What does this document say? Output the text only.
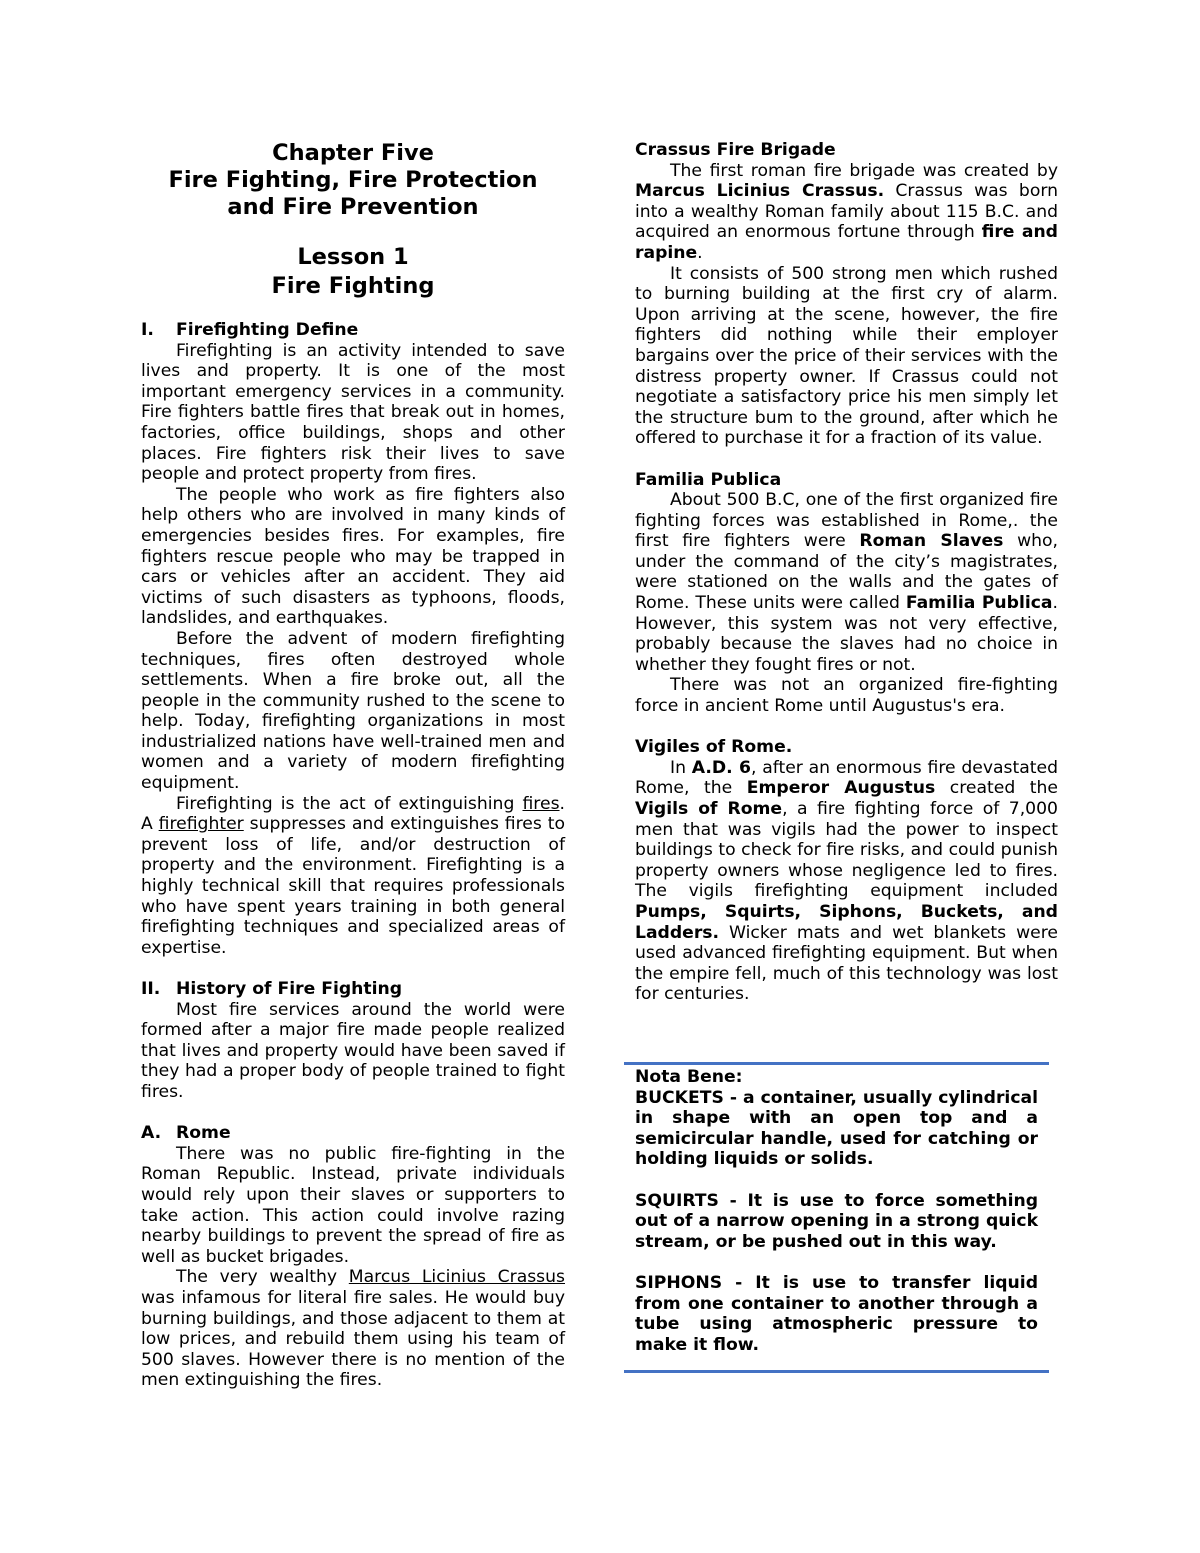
Chapter Five
Fire Fighting, Fire Protection
and Fire Prevention
Lesson 1
Fire Fighting
I. Firefighting Define

Firefighting is an activity intended to save lives and property. It is one of the most important emergency services in a community. Fire fighters battle fires that break out in homes, factories, office buildings, shops and other places. Fire fighters risk their lives to save people and protect property from fires.

The people who work as fire fighters also help others who are involved in many kinds of emergencies besides fires. For examples, fire fighters rescue people who may be trapped in cars or vehicles after an accident. They aid victims of such disasters as typhoons, floods, landslides, and earthquakes.

Before the advent of modern firefighting techniques, fires often destroyed whole settlements. When a fire broke out, all the people in the community rushed to the scene to help. Today, firefighting organizations in most industrialized nations have well-trained men and women and a variety of modern firefighting equipment.

Firefighting is the act of extinguishing fires. A firefighter suppresses and extinguishes fires to prevent loss of life, and/or destruction of property and the environment. Firefighting is a highly technical skill that requires professionals who have spent years training in both general firefighting techniques and specialized areas of expertise.

II. History of Fire Fighting

Most fire services around the world were formed after a major fire made people realized that lives and property would have been saved if they had a proper body of people trained to fight fires.

A. Rome

There was no public fire-fighting in the Roman Republic. Instead, private individuals would rely upon their slaves or supporters to take action. This action could involve razing nearby buildings to prevent the spread of fire as well as bucket brigades.

The very wealthy Marcus Licinius Crassus was infamous for literal fire sales. He would buy burning buildings, and those adjacent to them at low prices, and rebuild them using his team of 500 slaves. However there is no mention of the men extinguishing the fires.

Crassus Fire Brigade

The first roman fire brigade was created by Marcus Licinius Crassus. Crassus was born into a wealthy Roman family about 115 B.C. and acquired an enormous fortune through fire and rapine.

It consists of 500 strong men which rushed to burning building at the first cry of alarm. Upon arriving at the scene, however, the fire fighters did nothing while their employer bargains over the price of their services with the distress property owner. If Crassus could not negotiate a satisfactory price his men simply let the structure bum to the ground, after which he offered to purchase it for a fraction of its value.

Familia Publica

About 500 B.C, one of the first organized fire fighting forces was established in Rome,. the first fire fighters were Roman Slaves who, under the command of the city’s magistrates, were stationed on the walls and the gates of Rome. These units were called Familia Publica. However, this system was not very effective, probably because the slaves had no choice in whether they fought fires or not.

There was not an organized fire-fighting force in ancient Rome until Augustus's era.

Vigiles of Rome.

In A.D. 6, after an enormous fire devastated Rome, the Emperor Augustus created the Vigils of Rome, a fire fighting force of 7,000 men that was vigils had the power to inspect buildings to check for fire risks, and could punish property owners whose negligence led to fires. The vigils firefighting equipment included Pumps, Squirts, Siphons, Buckets, and Ladders. Wicker mats and wet blankets were used advanced firefighting equipment. But when the empire fell, much of this technology was lost for centuries.

Nota Bene:

BUCKETS - a container, usually cylindrical in shape with an open top and a semicircular handle, used for catching or holding liquids or solids.

SQUIRTS - It is use to force something out of a narrow opening in a strong quick stream, or be pushed out in this way.

SIPHONS - It is use to transfer liquid from one container to another through a tube using atmospheric pressure to make it flow.
